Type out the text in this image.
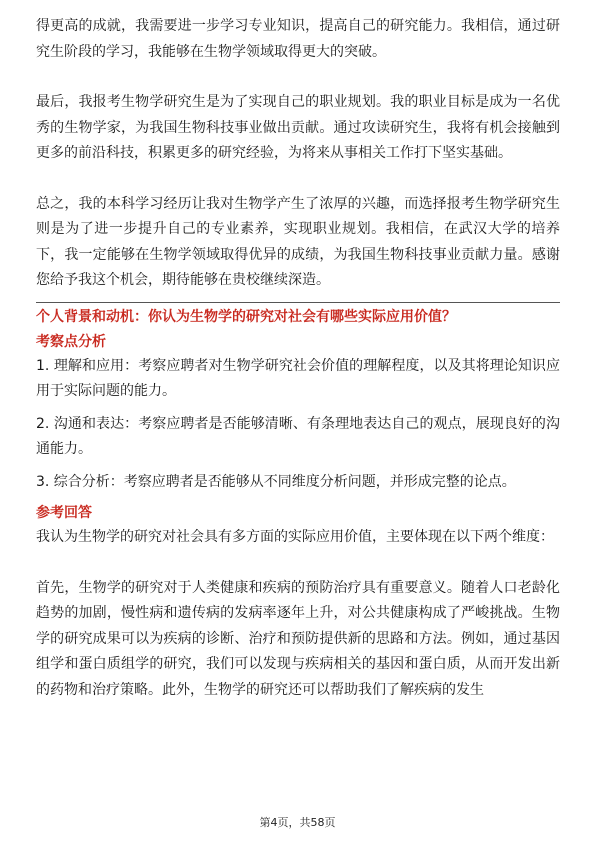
得更高的成就，我需要进一步学习专业知识，提高自己的研究能力。我相信，通过研究生阶段的学习，我能够在生物学领域取得更大的突破。

最后，我报考生物学研究生是为了实现自己的职业规划。我的职业目标是成为一名优秀的生物学家，为我国生物科技事业做出贡献。通过攻读研究生，我将有机会接触到更多的前沿科技，积累更多的研究经验，为将来从事相关工作打下坚实基础。

总之，我的本科学习经历让我对生物学产生了浓厚的兴趣，而选择报考生物学研究生则是为了进一步提升自己的专业素养，实现职业规划。我相信，在武汉大学的培养下，我一定能够在生物学领域取得优异的成绩，为我国生物科技事业贡献力量。感谢您给予我这个机会，期待能够在贵校继续深造。

个人背景和动机：你认为生物学的研究对社会有哪些实际应用价值？
考察点分析

1. 理解和应用：考察应聘者对生物学研究社会价值的理解程度，以及其将理论知识应用于实际问题的能力。

2. 沟通和表达：考察应聘者是否能够清晰、有条理地表达自己的观点，展现良好的沟通能力。

3. 综合分析：考察应聘者是否能够从不同维度分析问题，并形成完整的论点。

参考回答

我认为生物学的研究对社会具有多方面的实际应用价值，主要体现在以下两个维度：

首先，生物学的研究对于人类健康和疾病的预防治疗具有重要意义。随着人口老龄化趋势的加剧，慢性病和遗传病的发病率逐年上升，对公共健康构成了严峻挑战。生物学的研究成果可以为疾病的诊断、治疗和预防提供新的思路和方法。例如，通过基因组学和蛋白质组学的研究，我们可以发现与疾病相关的基因和蛋白质，从而开发出新的药物和治疗策略。此外，生物学的研究还可以帮助我们了解疾病的发生

第4页，共58页
